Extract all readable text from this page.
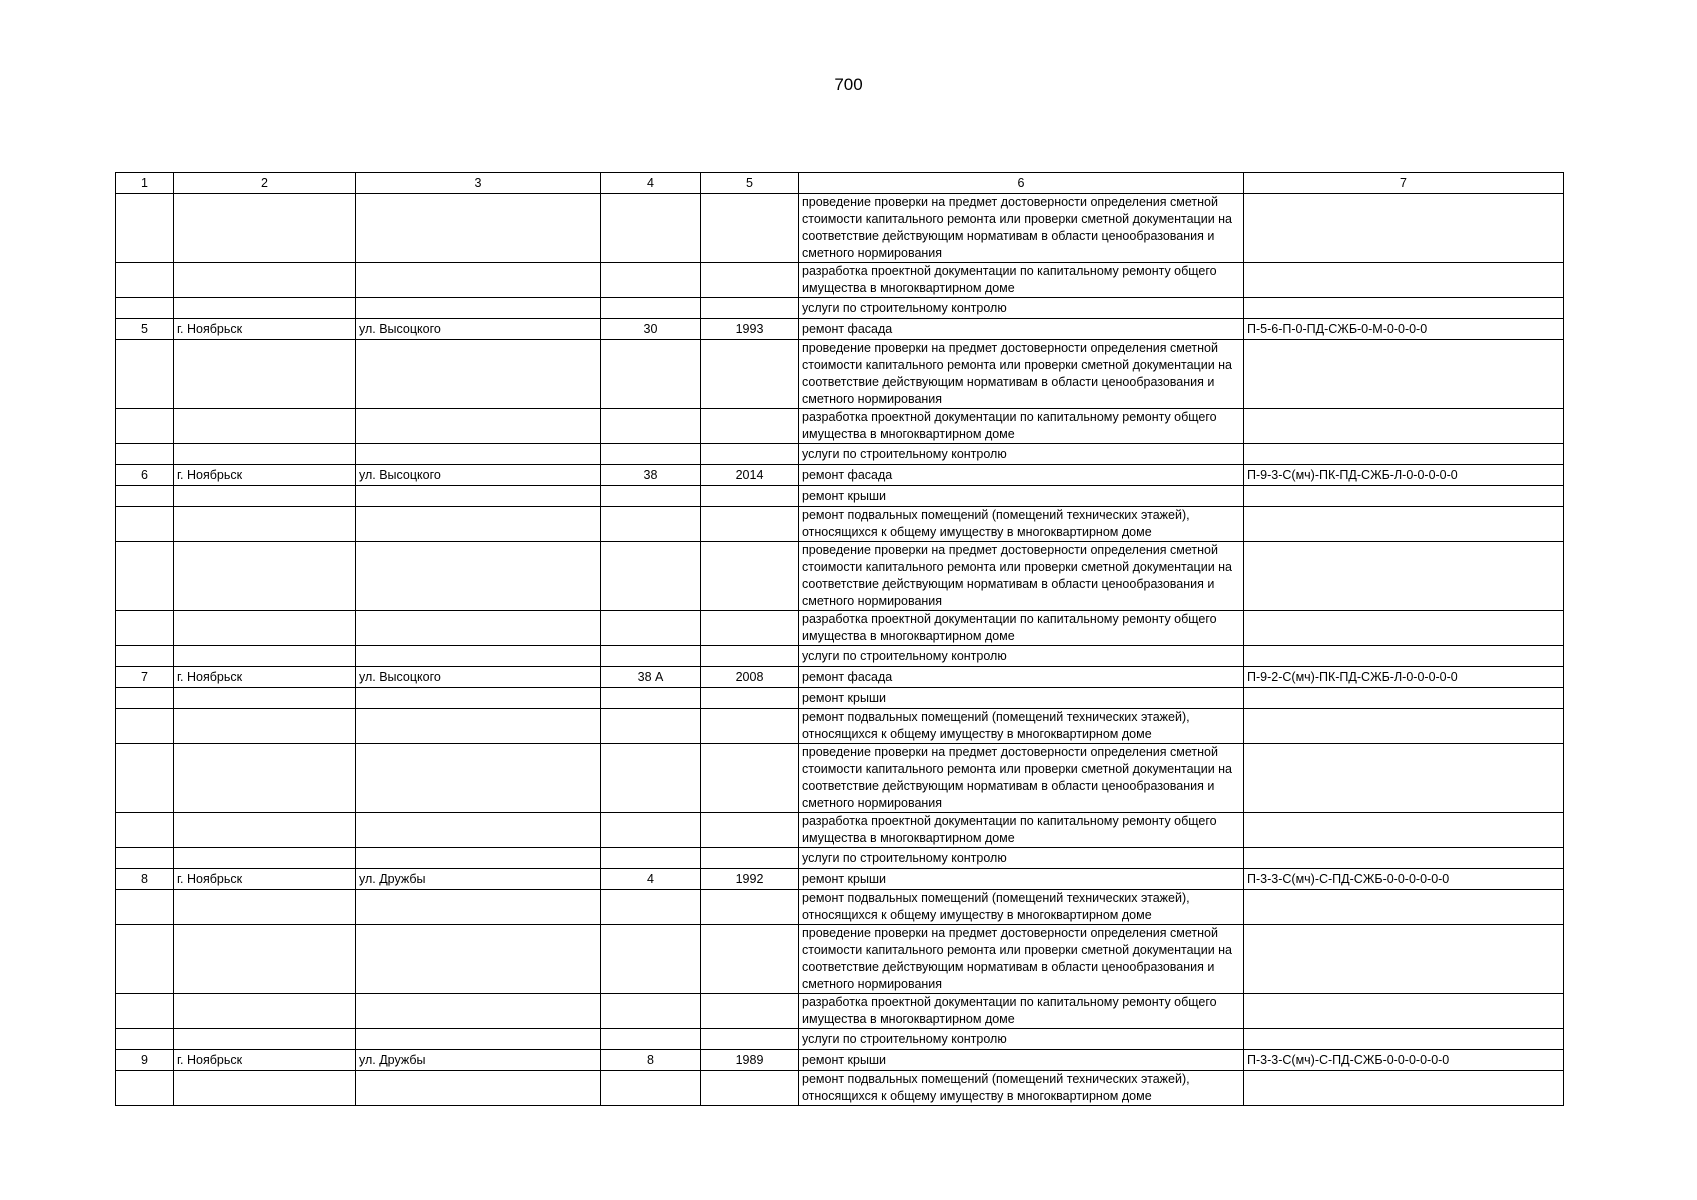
700
1	2	3	4	5	6	7
					проведение проверки на предмет достоверности определения сметной стоимости капитального ремонта или проверки сметной документации на соответствие действующим нормативам в области ценообразования и сметного нормирования	
					разработка проектной документации по капитальному ремонту общего имущества в многоквартирном доме	
					услуги по строительному контролю	
5	г. Ноябрьск	ул. Высоцкого	30	1993	ремонт фасада	П-5-6-П-0-ПД-СЖБ-0-М-0-0-0-0
					проведение проверки на предмет достоверности определения сметной стоимости капитального ремонта или проверки сметной документации на соответствие действующим нормативам в области ценообразования и сметного нормирования	
					разработка проектной документации по капитальному ремонту общего имущества в многоквартирном доме	
					услуги по строительному контролю	
6	г. Ноябрьск	ул. Высоцкого	38	2014	ремонт фасада	П-9-3-С(мч)-ПК-ПД-СЖБ-Л-0-0-0-0-0
					ремонт крыши	
					ремонт подвальных помещений (помещений технических этажей), относящихся к общему имуществу в многоквартирном доме	
					проведение проверки на предмет достоверности определения сметной стоимости капитального ремонта или проверки сметной документации на соответствие действующим нормативам в области ценообразования и сметного нормирования	
					разработка проектной документации по капитальному ремонту общего имущества в многоквартирном доме	
					услуги по строительному контролю	
7	г. Ноябрьск	ул. Высоцкого	38 А	2008	ремонт фасада	П-9-2-С(мч)-ПК-ПД-СЖБ-Л-0-0-0-0-0
					ремонт крыши	
					ремонт подвальных помещений (помещений технических этажей), относящихся к общему имуществу в многоквартирном доме	
					проведение проверки на предмет достоверности определения сметной стоимости капитального ремонта или проверки сметной документации на соответствие действующим нормативам в области ценообразования и сметного нормирования	
					разработка проектной документации по капитальному ремонту общего имущества в многоквартирном доме	
					услуги по строительному контролю	
8	г. Ноябрьск	ул. Дружбы	4	1992	ремонт крыши	П-3-3-С(мч)-С-ПД-СЖБ-0-0-0-0-0-0
					ремонт подвальных помещений (помещений технических этажей), относящихся к общему имуществу в многоквартирном доме	
					проведение проверки на предмет достоверности определения сметной стоимости капитального ремонта или проверки сметной документации на соответствие действующим нормативам в области ценообразования и сметного нормирования	
					разработка проектной документации по капитальному ремонту общего имущества в многоквартирном доме	
					услуги по строительному контролю	
9	г. Ноябрьск	ул. Дружбы	8	1989	ремонт крыши	П-3-3-С(мч)-С-ПД-СЖБ-0-0-0-0-0-0
					ремонт подвальных помещений (помещений технических этажей), относящихся к общему имуществу в многоквартирном доме	
